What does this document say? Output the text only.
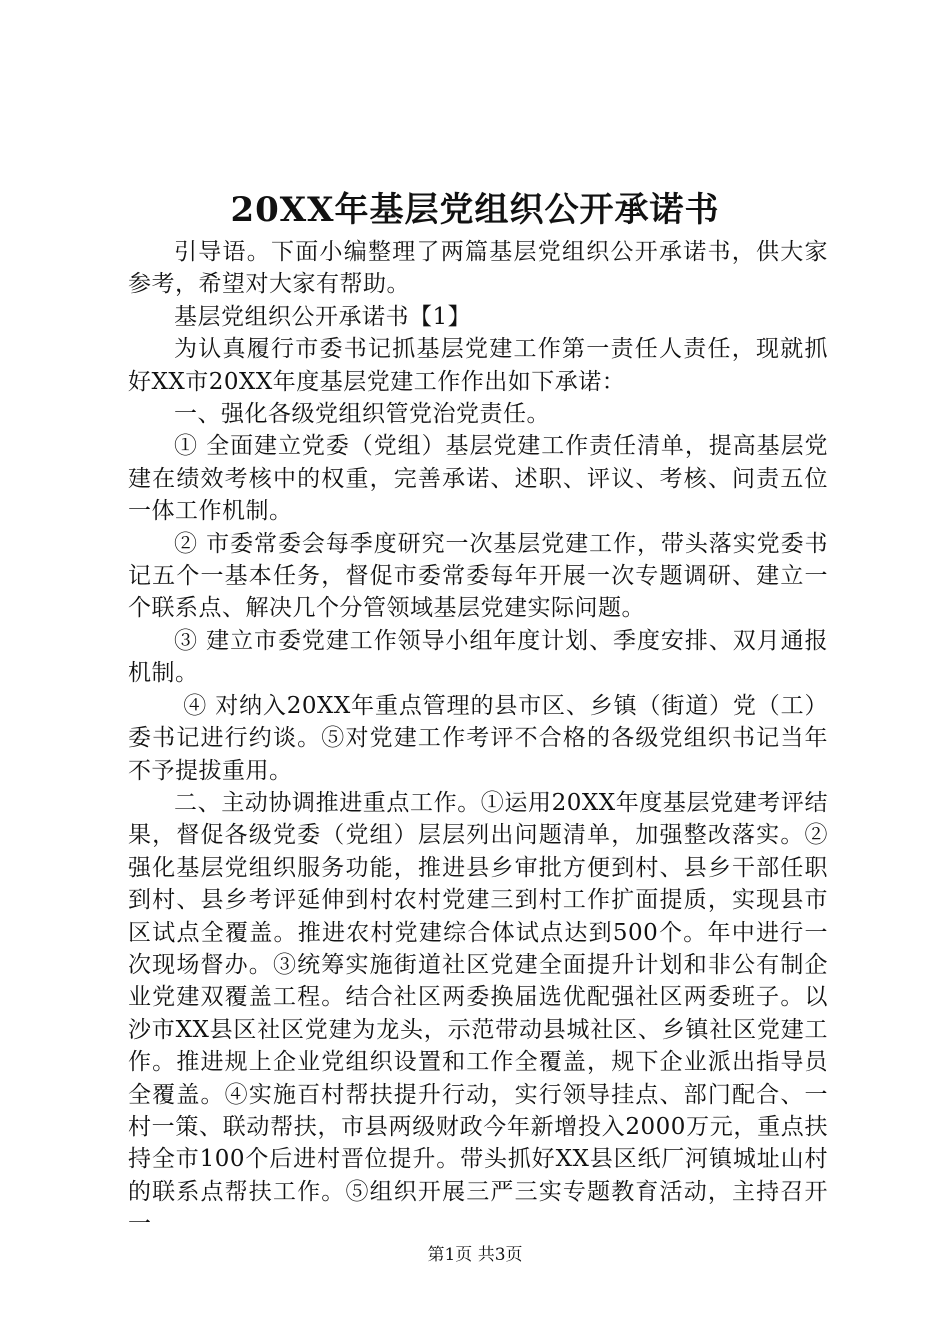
20XX年基层党组织公开承诺书

引导语。下面小编整理了两篇基层党组织公开承诺书，供大家参考，希望对大家有帮助。

基层党组织公开承诺书【1】

为认真履行市委书记抓基层党建工作第一责任人责任，现就抓好XX市20XX年度基层党建工作作出如下承诺：

一、强化各级党组织管党治党责任。

① 全面建立党委（党组）基层党建工作责任清单，提高基层党建在绩效考核中的权重，完善承诺、述职、评议、考核、问责五位一体工作机制。

② 市委常委会每季度研究一次基层党建工作，带头落实党委书记五个一基本任务，督促市委常委每年开展一次专题调研、建立一个联系点、解决几个分管领域基层党建实际问题。

③ 建立市委党建工作领导小组年度计划、季度安排、双月通报机制。

④ 对纳入20XX年重点管理的县市区、乡镇（街道）党（工）委书记进行约谈。⑤对党建工作考评不合格的各级党组织书记当年不予提拔重用。

二、主动协调推进重点工作。①运用20XX年度基层党建考评结果，督促各级党委（党组）层层列出问题清单，加强整改落实。②强化基层党组织服务功能，推进县乡审批方便到村、县乡干部任职到村、县乡考评延伸到村农村党建三到村工作扩面提质，实现县市区试点全覆盖。推进农村党建综合体试点达到500个。年中进行一次现场督办。③统筹实施街道社区党建全面提升计划和非公有制企业党建双覆盖工程。结合社区两委换届选优配强社区两委班子。以沙市XX县区社区党建为龙头，示范带动县城社区、乡镇社区党建工作。推进规上企业党组织设置和工作全覆盖，规下企业派出指导员全覆盖。④实施百村帮扶提升行动，实行领导挂点、部门配合、一村一策、联动帮扶，市县两级财政今年新增投入2000万元，重点扶持全市100个后进村晋位提升。带头抓好XX县区纸厂河镇城址山村的联系点帮扶工作。⑤组织开展三严三实专题教育活动，主持召开一

第1页 共3页
